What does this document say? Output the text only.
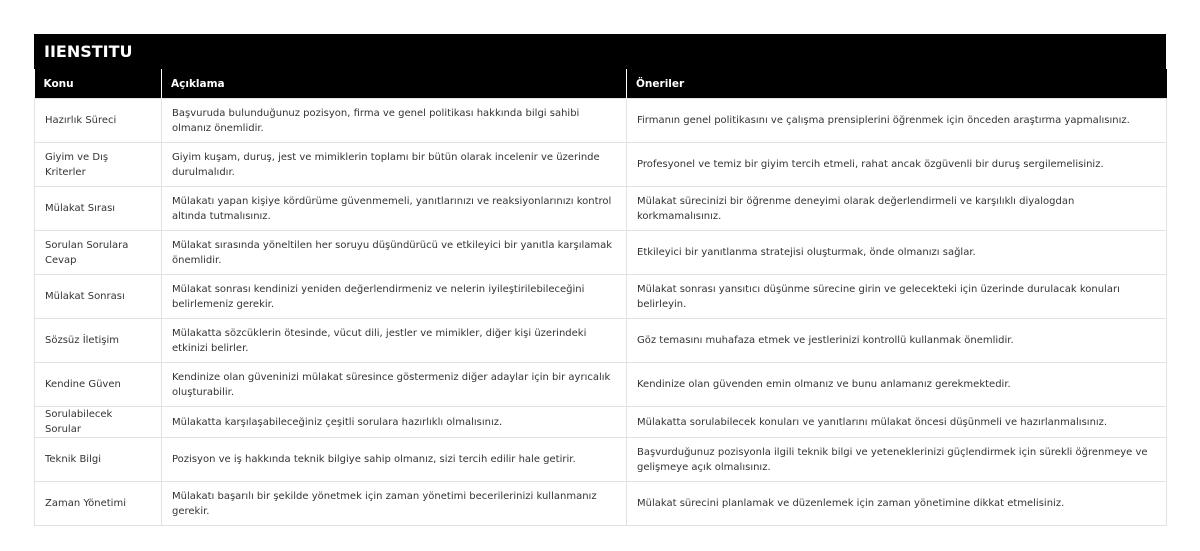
IIENSTITU
Konu	Açıklama	Öneriler
Hazırlık Süreci	Başvuruda bulunduğunuz pozisyon, firma ve genel politikası hakkında bilgi sahibi olmanız önemlidir.	Firmanın genel politikasını ve çalışma prensiplerini öğrenmek için önceden araştırma yapmalısınız.
Giyim ve Dış Kriterler	Giyim kuşam, duruş, jest ve mimiklerin toplamı bir bütün olarak incelenir ve üzerinde durulmalıdır.	Profesyonel ve temiz bir giyim tercih etmeli, rahat ancak özgüvenli bir duruş sergilemelisiniz.
Mülakat Sırası	Mülakatı yapan kişiye kördürüme güvenmemeli, yanıtlarınızı ve reaksiyonlarınızı kontrol altında tutmalısınız.	Mülakat sürecinizi bir öğrenme deneyimi olarak değerlendirmeli ve karşılıklı diyalogdan korkmamalısınız.
Sorulan Sorulara Cevap	Mülakat sırasında yöneltilen her soruyu düşündürücü ve etkileyici bir yanıtla karşılamak önemlidir.	Etkileyici bir yanıtlanma stratejisi oluşturmak, önde olmanızı sağlar.
Mülakat Sonrası	Mülakat sonrası kendinizi yeniden değerlendirmeniz ve nelerin iyileştirilebileceğini belirlemeniz gerekir.	Mülakat sonrası yansıtıcı düşünme sürecine girin ve gelecekteki için üzerinde durulacak konuları belirleyin.
Sözsüz İletişim	Mülakatta sözcüklerin ötesinde, vücut dili, jestler ve mimikler, diğer kişi üzerindeki etkinizi belirler.	Göz temasını muhafaza etmek ve jestlerinizi kontrollü kullanmak önemlidir.
Kendine Güven	Kendinize olan güveninizi mülakat süresince göstermeniz diğer adaylar için bir ayrıcalık oluşturabilir.	Kendinize olan güvenden emin olmanız ve bunu anlamanız gerekmektedir.
Sorulabilecek Sorular	Mülakatta karşılaşabileceğiniz çeşitli sorulara hazırlıklı olmalısınız.	Mülakatta sorulabilecek konuları ve yanıtlarını mülakat öncesi düşünmeli ve hazırlanmalısınız.
Teknik Bilgi	Pozisyon ve iş hakkında teknik bilgiye sahip olmanız, sizi tercih edilir hale getirir.	Başvurduğunuz pozisyonla ilgili teknik bilgi ve yeteneklerinizi güçlendirmek için sürekli öğrenmeye ve gelişmeye açık olmalısınız.
Zaman Yönetimi	Mülakatı başarılı bir şekilde yönetmek için zaman yönetimi becerilerinizi kullanmanız gerekir.	Mülakat sürecini planlamak ve düzenlemek için zaman yönetimine dikkat etmelisiniz.
